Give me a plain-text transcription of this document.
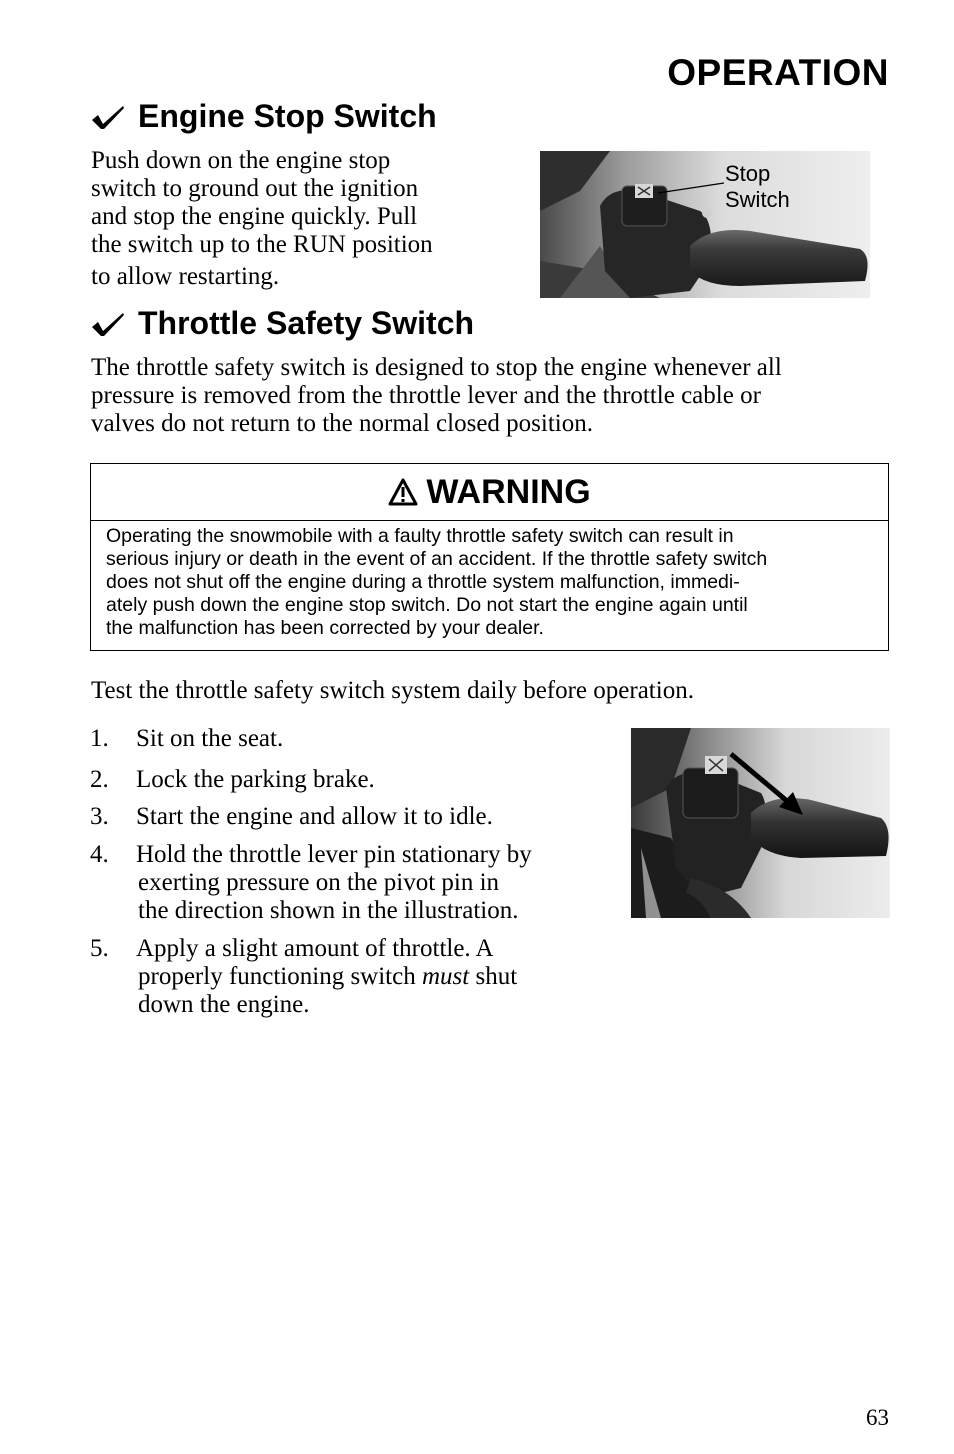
OPERATION
Engine Stop Switch
Push down on the engine stop
switch to ground out the ignition
and stop the engine quickly. Pull
the switch up to the RUN position
to allow restarting.
Stop
Switch
Throttle Safety Switch
The throttle safety switch is designed to stop the engine whenever all
pressure is removed from the throttle lever and the throttle cable or
valves do not return to the normal closed position.
WARNING
Operating the snowmobile with a faulty throttle safety switch can result in
serious injury or death in the event of an accident. If the throttle safety switch
does not shut off the engine during a throttle system malfunction, immedi-
ately push down the engine stop switch. Do not start the engine again until
the malfunction has been corrected by your dealer.
Test the throttle safety switch system daily before operation.
1. Sit on the seat.
2. Lock the parking brake.
3. Start the engine and allow it to idle.
4. Hold the throttle lever pin stationary by
exerting pressure on the pivot pin in
the direction shown in the illustration.
5. Apply a slight amount of throttle. A
properly functioning switch must shut
down the engine.
63
